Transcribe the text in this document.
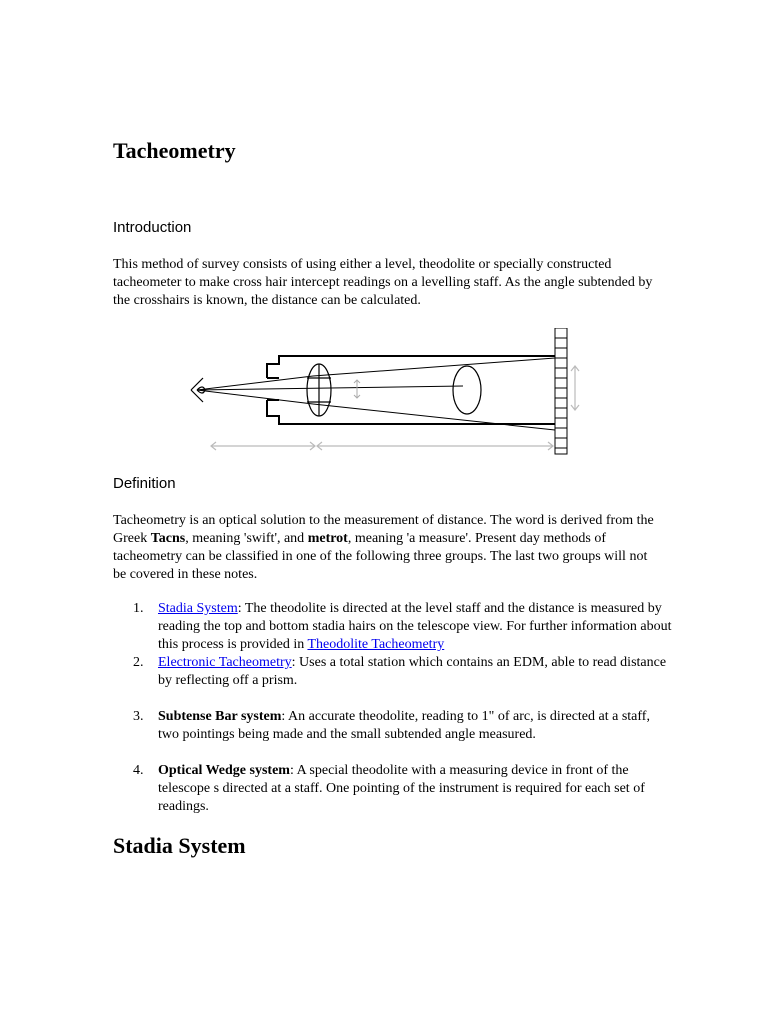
Tacheometry
Introduction

This method of survey consists of using either a level, theodolite or specially constructed tacheometer to make cross hair intercept readings on a levelling staff. As the angle subtended by the crosshairs is known, the distance can be calculated.

Definition

Tacheometry is an optical solution to the measurement of distance. The word is derived from the Greek Tacns, meaning 'swift', and metrot, meaning 'a measure'. Present day methods of tacheometry can be classified in one of the following three groups. The last two groups will not be covered in these notes.

1. Stadia System: The theodolite is directed at the level staff and the distance is measured by reading the top and bottom stadia hairs on the telescope view. For further information about this process is provided in Theodolite Tacheometry
2. Electronic Tacheometry: Uses a total station which contains an EDM, able to read distance by reflecting off a prism.
3. Subtense Bar system: An accurate theodolite, reading to 1" of arc, is directed at a staff, two pointings being made and the small subtended angle measured.
4. Optical Wedge system: A special theodolite with a measuring device in front of the telescope s directed at a staff. One pointing of the instrument is required for each set of readings.
Stadia System
